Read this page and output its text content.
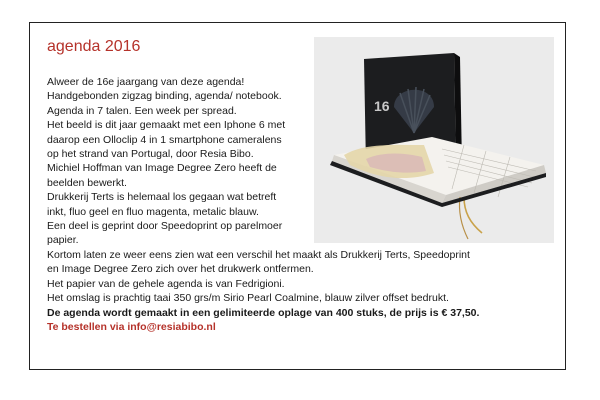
agenda 2016
16
Alweer de 16e jaargang van deze agenda!
Handgebonden zigzag binding, agenda/ notebook.
Agenda in 7 talen. Een week per spread.
Het beeld is dit jaar gemaakt met een Iphone 6 met
daarop een Olloclip 4 in 1 smartphone cameralens
op het strand van Portugal, door Resia Bibo.
Michiel Hoffman van Image Degree Zero heeft de
beelden bewerkt.
Drukkerij Terts is helemaal los gegaan wat betreft
inkt, fluo geel en fluo magenta, metalic blauw.
Een deel is geprint door Speedoprint op parelmoer
papier.
Kortom laten ze weer eens zien wat een verschil het maakt als Drukkerij Terts, Speedoprint
en Image Degree Zero zich over het drukwerk ontfermen.
Het papier van de gehele agenda is van Fedrigioni.
Het omslag is prachtig taai 350 grs/m Sirio Pearl Coalmine, blauw zilver offset bedrukt.
De agenda wordt gemaakt in een gelimiteerde oplage van 400 stuks, de prijs is € 37,50.
Te bestellen via info@resiabibo.nl
